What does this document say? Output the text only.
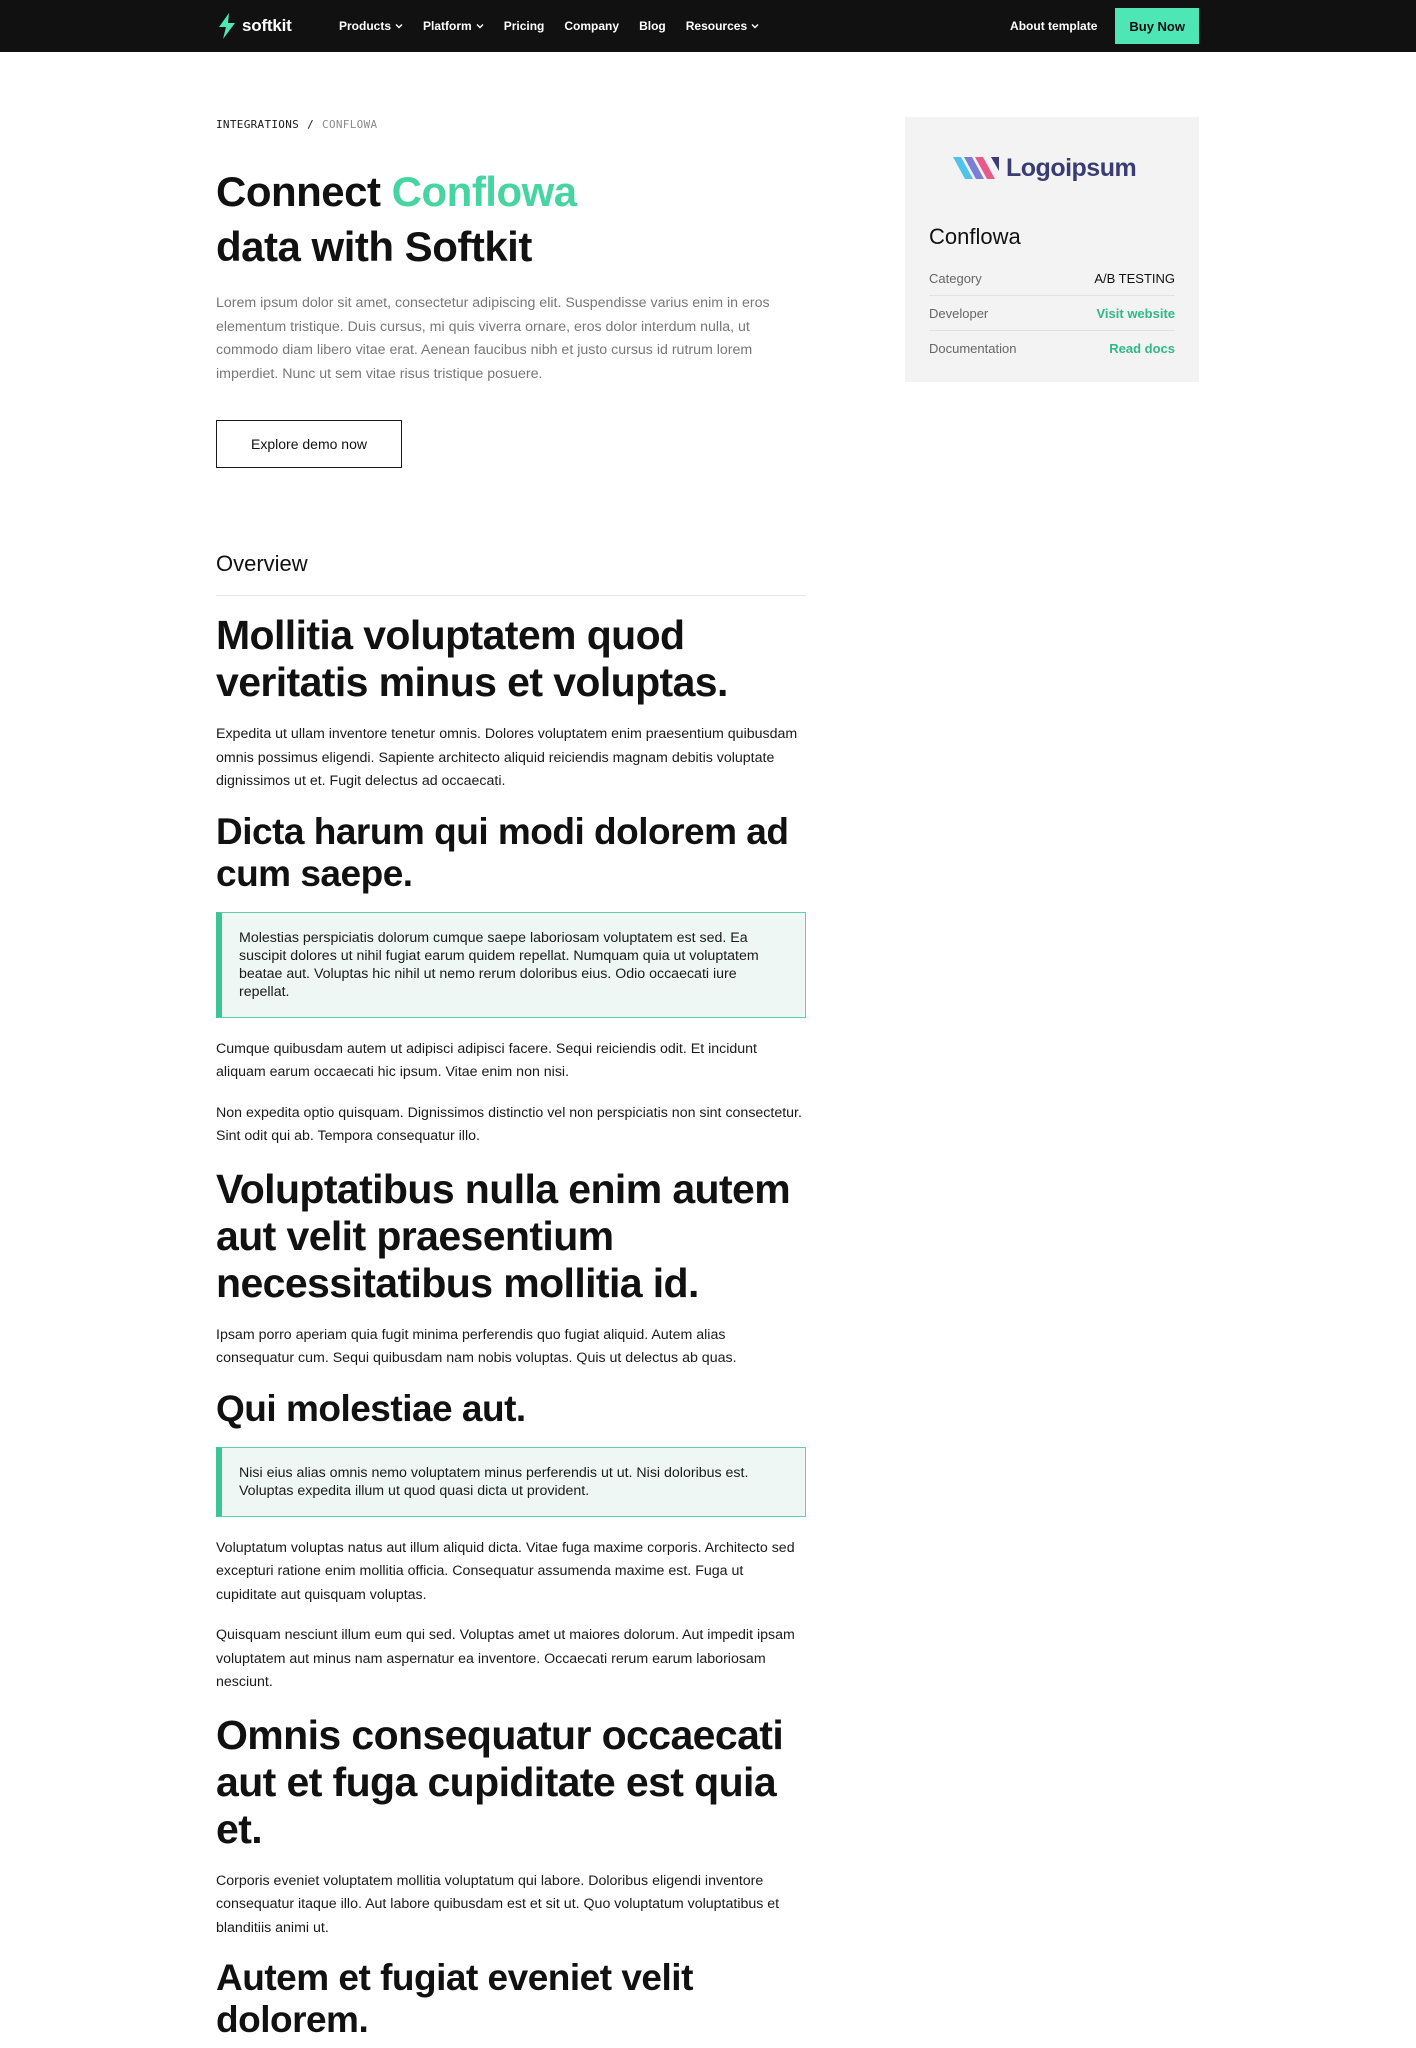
softkit	Products	Platform	Pricing Company Blog Resources	About template	Buy Now
INTEGRATIONS / CONFLOWA
Connect Conflowa
data with Softkit

Lorem ipsum dolor sit amet, consectetur adipiscing elit. Suspendisse varius enim in eros elementum tristique. Duis cursus, mi quis viverra ornare, eros dolor interdum nulla, ut commodo diam libero vitae erat. Aenean faucibus nibh et justo cursus id rutrum lorem imperdiet. Nunc ut sem vitae risus tristique posuere.

Explore demo now
Logoipsum
Conflowa
Category	A/B TESTING
Developer	Visit website
Documentation	Read docs
Overview
Mollitia voluptatem quod veritatis minus et voluptas.

Expedita ut ullam inventore tenetur omnis. Dolores voluptatem enim praesentium quibusdam omnis possimus eligendi. Sapiente architecto aliquid reiciendis magnam debitis voluptate dignissimos ut et. Fugit delectus ad occaecati.

Dicta harum qui modi dolorem ad cum saepe.
Molestias perspiciatis dolorum cumque saepe laboriosam voluptatem est sed. Ea suscipit dolores ut nihil fugiat earum quidem repellat. Numquam quia ut voluptatem beatae aut. Voluptas hic nihil ut nemo rerum doloribus eius. Odio occaecati iure repellat.

Cumque quibusdam autem ut adipisci adipisci facere. Sequi reiciendis odit. Et incidunt aliquam earum occaecati hic ipsum. Vitae enim non nisi.

Non expedita optio quisquam. Dignissimos distinctio vel non perspiciatis non sint consectetur. Sint odit qui ab. Tempora consequatur illo.

Voluptatibus nulla enim autem aut velit praesentium necessitatibus mollitia id.

Ipsam porro aperiam quia fugit minima perferendis quo fugiat aliquid. Autem alias consequatur cum. Sequi quibusdam nam nobis voluptas. Quis ut delectus ab quas.

Qui molestiae aut.
Nisi eius alias omnis nemo voluptatem minus perferendis ut ut. Nisi doloribus est. Voluptas expedita illum ut quod quasi dicta ut provident.

Voluptatum voluptas natus aut illum aliquid dicta. Vitae fuga maxime corporis. Architecto sed excepturi ratione enim mollitia officia. Consequatur assumenda maxime est. Fuga ut cupiditate aut quisquam voluptas.

Quisquam nesciunt illum eum qui sed. Voluptas amet ut maiores dolorum. Aut impedit ipsam voluptatem aut minus nam aspernatur ea inventore. Occaecati rerum earum laboriosam nesciunt.

Omnis consequatur occaecati aut et fuga cupiditate est quia et.

Corporis eveniet voluptatem mollitia voluptatum qui labore. Doloribus eligendi inventore consequatur itaque illo. Aut labore quibusdam est et sit ut. Quo voluptatum voluptatibus et blanditiis animi ut.

Autem et fugiat eveniet velit dolorem.
